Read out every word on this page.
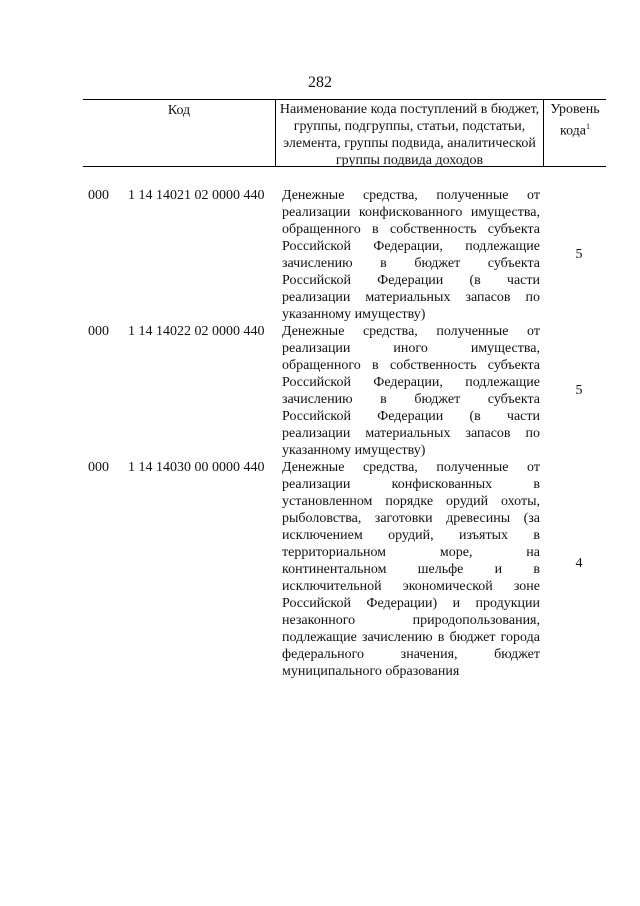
282
Код	Наименование кода поступлений в бюджет, группы, подгруппы, статьи, подстатьи, элемента, группы подвида, аналитической группы подвида доходов
Уровень кода$^1$
000 1 14 14021 02 0000 440 Денежные средства, полученные от реализации конфискованного имущества, обращенного в собственность субъекта Российской Федерации, подлежащие зачислению в бюджет субъекта Российской Федерации (в части реализации материальных запасов по указанному имуществу)
5
000 1 14 14022 02 0000 440 Денежные средства, полученные от реализации иного имущества, обращенного в собственность субъекта Российской Федерации, подлежащие зачислению в бюджет субъекта Российской Федерации (в части реализации материальных запасов по указанному имуществу)
5
000 1 14 14030 00 0000 440 Денежные средства, полученные от реализации конфискованных в установленном порядке орудий охоты, рыболовства, заготовки древесины (за исключением орудий, изъятых в территориальном море, на континентальном шельфе и в исключительной экономической зоне Российской Федерации) и продукции незаконного природопользования, подлежащие зачислению в бюджет города федерального значения, бюджет муниципального образования
4
